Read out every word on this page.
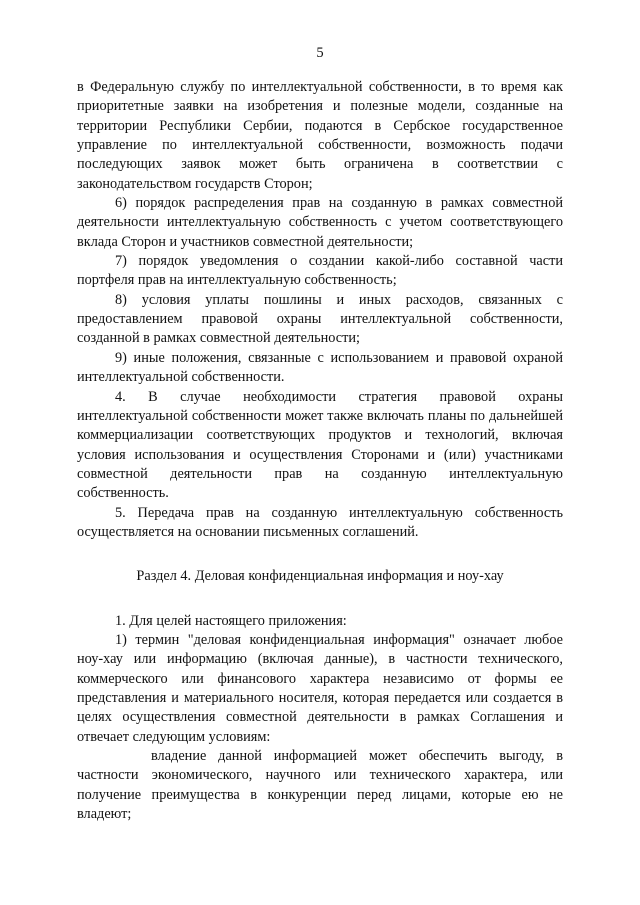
5

в Федеральную службу по интеллектуальной собственности, в то время как приоритетные заявки на изобретения и полезные модели, созданные на территории Республики Сербии, подаются в Сербское государственное управление по интеллектуальной собственности, возможность подачи последующих заявок может быть ограничена в соответствии с законодательством государств Сторон;

6) порядок распределения прав на созданную в рамках совместной деятельности интеллектуальную собственность с учетом соответствующего вклада Сторон и участников совместной деятельности;

7) порядок уведомления о создании какой-либо составной части портфеля прав на интеллектуальную собственность;

8) условия уплаты пошлины и иных расходов, связанных с предоставлением правовой охраны интеллектуальной собственности, созданной в рамках совместной деятельности;

9) иные положения, связанные с использованием и правовой охраной интеллектуальной собственности.

4. В случае необходимости стратегия правовой охраны интеллектуальной собственности может также включать планы по дальнейшей коммерциализации соответствующих продуктов и технологий, включая условия использования и осуществления Сторонами и (или) участниками совместной деятельности прав на созданную интеллектуальную собственность.

5. Передача прав на созданную интеллектуальную собственность осуществляется на основании письменных соглашений.

Раздел 4. Деловая конфиденциальная информация и ноу-хау

1. Для целей настоящего приложения:

1) термин "деловая конфиденциальная информация" означает любое ноу-хау или информацию (включая данные), в частности технического, коммерческого или финансового характера независимо от формы ее представления и материального носителя, которая передается или создается в целях осуществления совместной деятельности в рамках Соглашения и отвечает следующим условиям:

владение данной информацией может обеспечить выгоду, в частности экономического, научного или технического характера, или получение преимущества в конкуренции перед лицами, которые ею не владеют;
